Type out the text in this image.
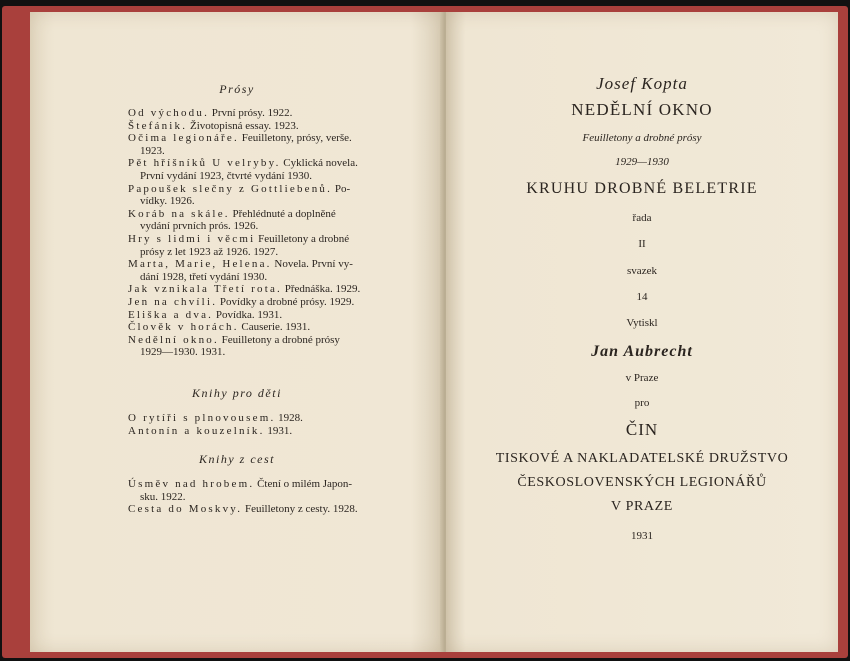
Prósy

Od východu. První prósy. 1922.

Štefánik. Životopisná essay. 1923.

Očima legionáře. Feuilletony, prósy, verše.
1923.

Pět hříšníků U velryby. Cyklická novela.
První vydání 1923, čtvrté vydání 1930.

Papoušek slečny z Gottliebenů. Po-
vídky. 1926.

Koráb na skále. Přehlédnuté a doplněné
vydání prvních prós. 1926.

Hry s lidmi i věcmi Feuilletony a drobné
prósy z let 1923 až 1926. 1927.

Marta, Marie, Helena. Novela. První vy-
dání 1928, třetí vydání 1930.

Jak vznikala Třetí rota. Přednáška. 1929.

Jen na chvíli. Povídky a drobné prósy. 1929.

Eliška a dva. Povídka. 1931.

Člověk v horách. Causerie. 1931.

Nedělní okno. Feuilletony a drobné prósy
1929—1930. 1931.

Knihy pro děti

O rytíři s plnovousem. 1928.

Antonín a kouzelník. 1931.

Knihy z cest

Úsměv nad hrobem. Čtení o milém Japon-
sku. 1922.

Cesta do Moskvy. Feuilletony z cesty. 1928.

Josef Kopta
NEDĚLNÍ OKNO
Feuilletony a drobné prósy
1929—1930
KRUHU DROBNÉ BELETRIE
řada
II
svazek
14
Vytiskl
Jan Aubrecht
v Praze
pro
ČIN
TISKOVÉ A NAKLADATELSKÉ DRUŽSTVO
ČESKOSLOVENSKÝCH LEGIONÁŘŮ
V PRAZE
1931
